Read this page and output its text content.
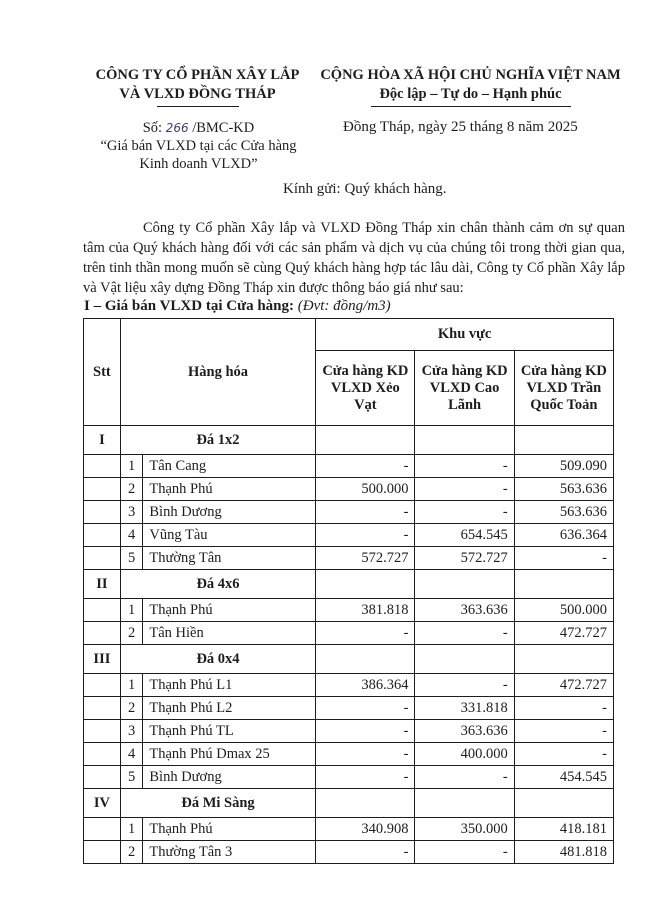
CÔNG TY CỔ PHẦN XÂY LẮP
VÀ VLXD ĐỒNG THÁP
CỘNG HÒA XÃ HỘI CHỦ NGHĨA VIỆT NAM
Độc lập – Tự do – Hạnh phúc
Số: 266 /BMC-KD
“Giá bán VLXD tại các Cửa hàng
Kinh doanh VLXD”
Đồng Tháp, ngày 25 tháng 8 năm 2025
Kính gửi: Quý khách hàng.
Công ty Cổ phần Xây lắp và VLXD Đồng Tháp xin chân thành cảm ơn sự quan tâm của Quý khách hàng đối với các sản phẩm và dịch vụ của chúng tôi trong thời gian qua, trên tinh thần mong muốn sẽ cùng Quý khách hàng hợp tác lâu dài, Công ty Cổ phần Xây lắp và Vật liệu xây dựng Đồng Tháp xin được thông báo giá như sau:
I – Giá bán VLXD tại Cửa hàng: (Đvt: đồng/m3)
Stt	Hàng hóa		Khu vực		
			Cửa hàng KD VLXD Xẻo Vạt	Cửa hàng KD VLXD Cao Lãnh	Cửa hàng KD VLXD Trần Quốc Toản
I	Đá 1x2				
	1	Tân Cang	-	-	509.090
	2	Thạnh Phú	500.000	-	563.636
	3	Bình Dương	-	-	563.636
	4	Vũng Tàu	-	654.545	636.364
	5	Thường Tân	572.727	572.727	-
II	Đá 4x6				
	1	Thạnh Phú	381.818	363.636	500.000
	2	Tân Hiền	-	-	472.727
III	Đá 0x4				
	1	Thạnh Phú L1	386.364	-	472.727
	2	Thạnh Phú L2	-	331.818	-
	3	Thạnh Phú TL	-	363.636	-
	4	Thạnh Phú Dmax 25	-	400.000	-
	5	Bình Dương	-	-	454.545
IV	Đá Mi Sàng				
	1	Thạnh Phú	340.908	350.000	418.181
	2	Thường Tân 3	-	-	481.818
